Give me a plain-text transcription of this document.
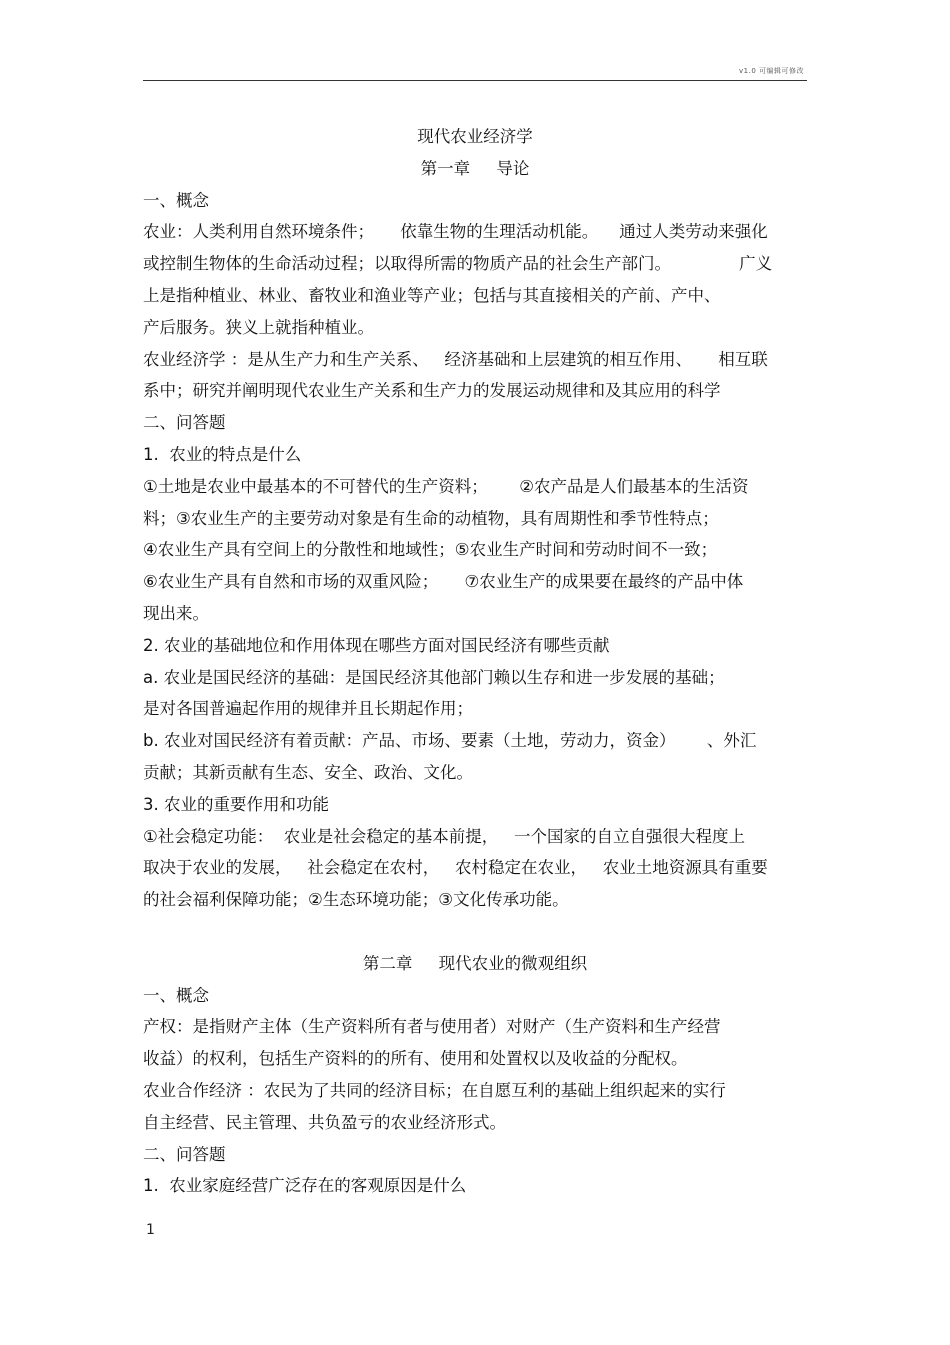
v1.0 可编辑可修改
现代农业经济学
第一章     导论
一、概念
农业：人类利用自然环境条件；     依靠生物的生理活动机能。    通过人类劳动来强化
或控制生物体的生命活动过程；以取得所需的物质产品的社会生产部门。             广义
上是指种植业、林业、畜牧业和渔业等产业；包括与其直接相关的产前、产中、
产后服务。狭义上就指种植业。
农业经济学 ：是从生产力和生产关系、   经济基础和上层建筑的相互作用、     相互联
系中；研究并阐明现代农业生产关系和生产力的发展运动规律和及其应用的科学
二、问答题
1.  农业的特点是什么
①土地是农业中最基本的不可替代的生产资料；      ②农产品是人们最基本的生活资
料；③农业生产的主要劳动对象是有生命的动植物，具有周期性和季节性特点；
④农业生产具有空间上的分散性和地域性；⑤农业生产时间和劳动时间不一致；
⑥农业生产具有自然和市场的双重风险；     ⑦农业生产的成果要在最终的产品中体
现出来。
2. 农业的基础地位和作用体现在哪些方面对国民经济有哪些贡献
a. 农业是国民经济的基础：是国民经济其他部门赖以生存和进一步发展的基础；
是对各国普遍起作用的规律并且长期起作用；
b. 农业对国民经济有着贡献：产品、市场、要素（土地，劳动力，资金）      、外汇
贡献；其新贡献有生态、安全、政治、文化。
3. 农业的重要作用和功能
①社会稳定功能：  农业是社会稳定的基本前提，   一个国家的自立自强很大程度上
取决于农业的发展，   社会稳定在农村，   农村稳定在农业，   农业土地资源具有重要
的社会福利保障功能；②生态环境功能；③文化传承功能。
第二章     现代农业的微观组织
一、概念
产权：是指财产主体（生产资料所有者与使用者）对财产（生产资料和生产经营
收益）的权利，包括生产资料的的所有、使用和处置权以及收益的分配权。
农业合作经济 ：农民为了共同的经济目标；在自愿互利的基础上组织起来的实行
自主经营、民主管理、共负盈亏的农业经济形式。
二、问答题
1.  农业家庭经营广泛存在的客观原因是什么
1
